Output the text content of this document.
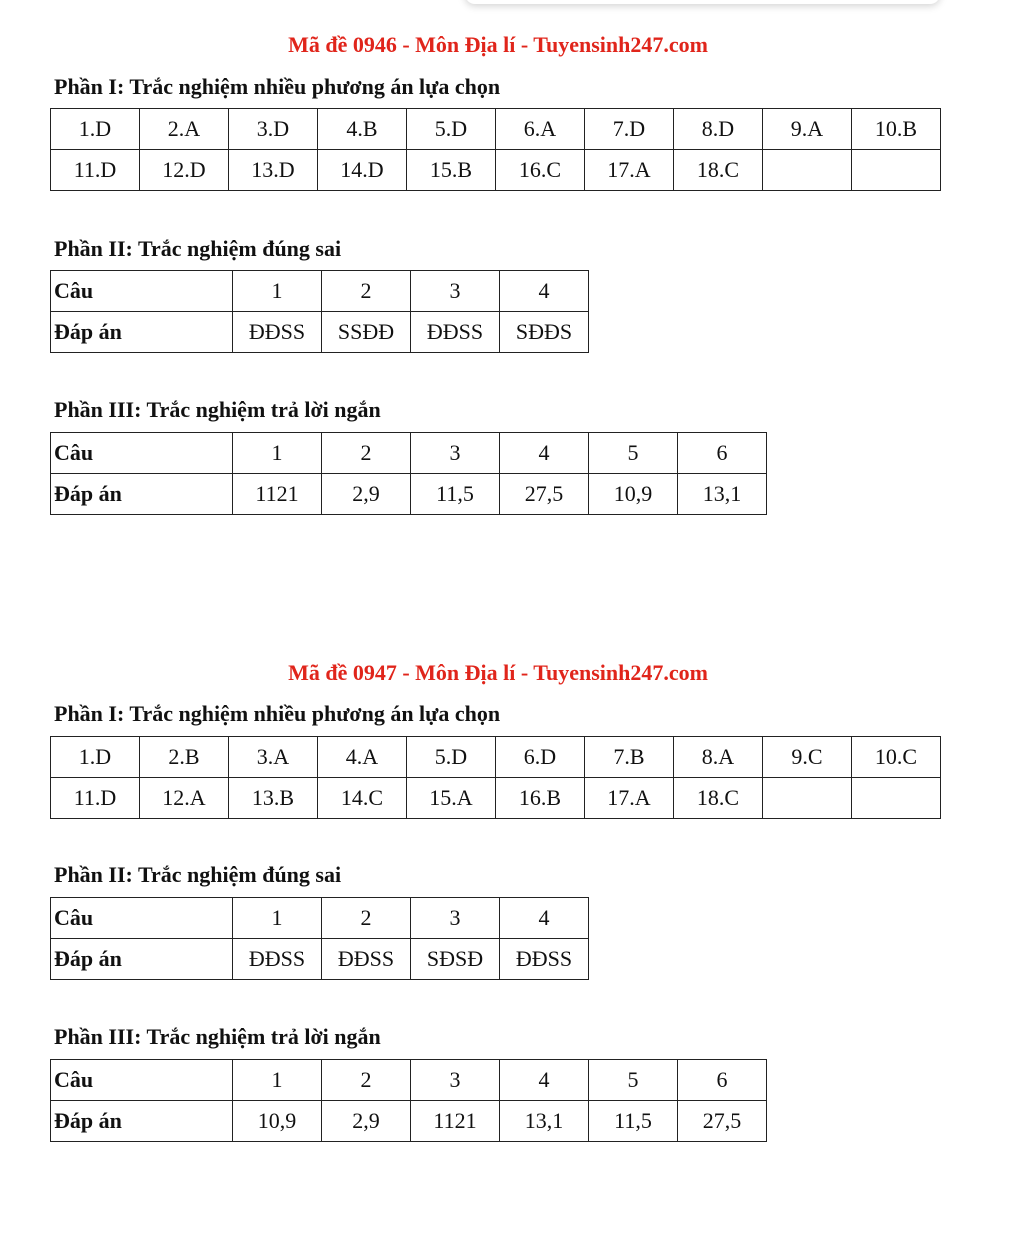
Mã đề 0946 - Môn Địa lí - Tuyensinh247.com
Phần I: Trắc nghiệm nhiều phương án lựa chọn
1.D	2.A	3.D	4.B	5.D	6.A	7.D	8.D	9.A	10.B
11.D	12.D	13.D	14.D	15.B	16.C	17.A	18.C		
Phần II: Trắc nghiệm đúng sai
Câu	1	2	3	4
Đáp án	ĐĐSS	SSĐĐ	ĐĐSS	SĐĐS
Phần III: Trắc nghiệm trả lời ngắn
Câu	1	2	3	4	5	6
Đáp án	1121	2,9	11,5	27,5	10,9	13,1
Mã đề 0947 - Môn Địa lí - Tuyensinh247.com
Phần I: Trắc nghiệm nhiều phương án lựa chọn
1.D	2.B	3.A	4.A	5.D	6.D	7.B	8.A	9.C	10.C
11.D	12.A	13.B	14.C	15.A	16.B	17.A	18.C		
Phần II: Trắc nghiệm đúng sai
Câu	1	2	3	4
Đáp án	ĐĐSS	ĐĐSS	SĐSĐ	ĐĐSS
Phần III: Trắc nghiệm trả lời ngắn
Câu	1	2	3	4	5	6
Đáp án	10,9	2,9	1121	13,1	11,5	27,5
